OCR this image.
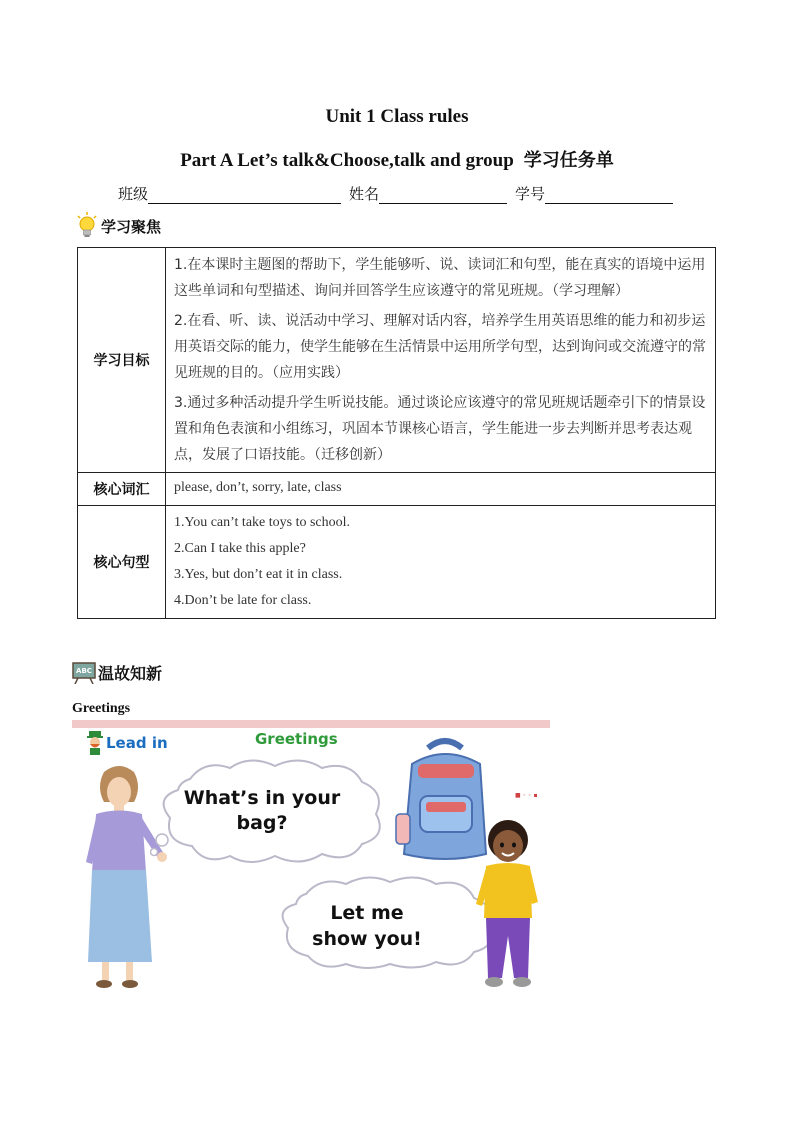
Unit 1 Class rules
Part A Let’s talk&Choose,talk and group 学习任务单
班级	姓名	学号
学习聚焦
学习目标	1.在本课时主题图的帮助下，学生能够听、说、读词汇和句型，能在真实的语境中运用这些单词和句型描述、询问并回答学生应该遵守的常见班规。（学习理解）

2.在看、听、读、说活动中学习、理解对话内容，培养学生用英语思维的能力和初步运用英语交际的能力，使学生能够在生活情景中运用所学句型，达到询问或交流遵守的常见班规的目的。（应用实践）

3.通过多种活动提升学生听说技能。通过谈论应该遵守的常见班规话题牵引下的情景设置和角色表演和小组练习，巩固本节课核心语言，学生能进一步去判断并思考表达观点，发展了口语技能。（迁移创新）

核心词汇	please, don’t, sorry, late, class
核心句型	1.You can’t take toys to school.
2.Can I take this apple?
3.Yes, but don’t eat it in class.
4.Don’t be late for class.
ABC 温故知新
Greetings
Lead in	Greetings
What’s in your bag?
■ ◦ ◦ ▪
Let me show you!
